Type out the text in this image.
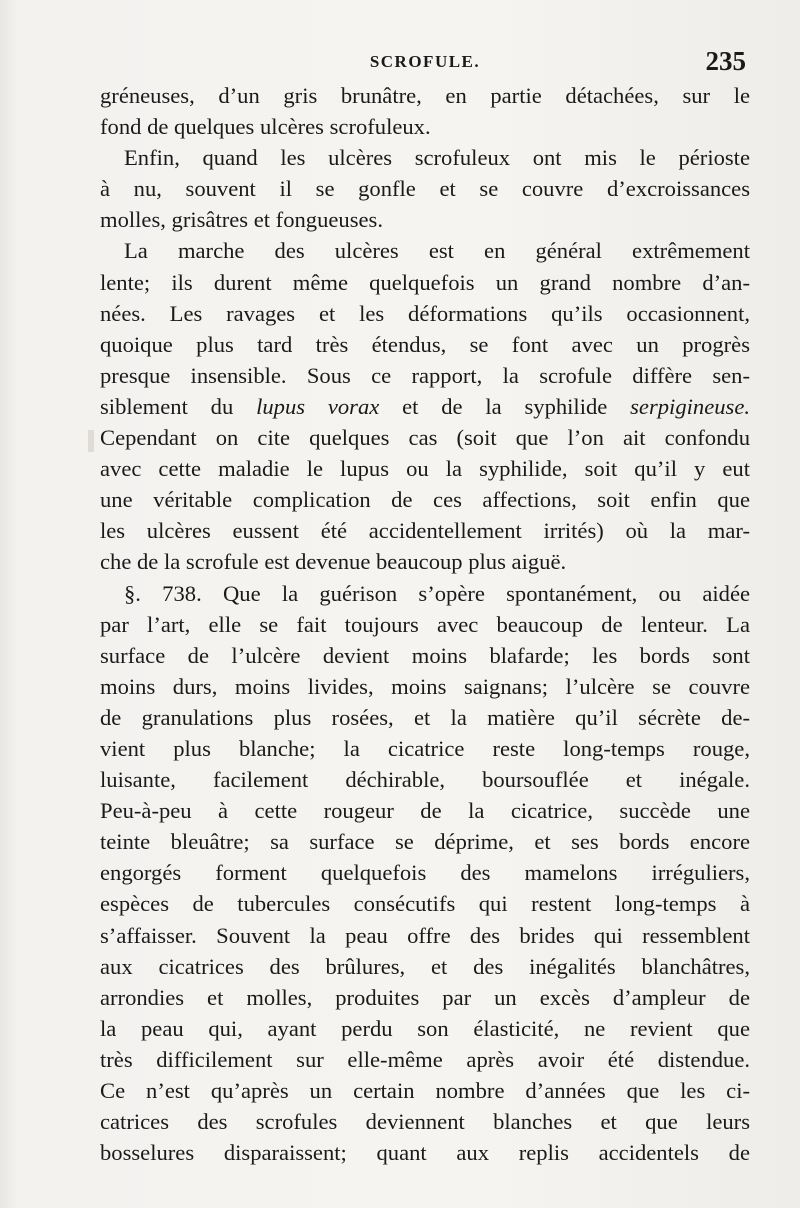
SCROFULE.	235
gréneuses, d’un gris brunâtre, en partie détachées, sur le
fond de quelques ulcères scrofuleux.
Enfin, quand les ulcères scrofuleux ont mis le périoste
à nu, souvent il se gonfle et se couvre d’excroissances
molles, grisâtres et fongueuses.
La marche des ulcères est en général extrêmement
lente; ils durent même quelquefois un grand nombre d’an-
nées. Les ravages et les déformations qu’ils occasionnent,
quoique plus tard très étendus, se font avec un progrès
presque insensible. Sous ce rapport, la scrofule diffère sen-
siblement du lupus vorax et de la syphilide serpigineuse.
Cependant on cite quelques cas (soit que l’on ait confondu
avec cette maladie le lupus ou la syphilide, soit qu’il y eut
une véritable complication de ces affections, soit enfin que
les ulcères eussent été accidentellement irrités) où la mar-
che de la scrofule est devenue beaucoup plus aiguë.
§. 738. Que la guérison s’opère spontanément, ou aidée
par l’art, elle se fait toujours avec beaucoup de lenteur. La
surface de l’ulcère devient moins blafarde; les bords sont
moins durs, moins livides, moins saignans; l’ulcère se couvre
de granulations plus rosées, et la matière qu’il sécrète de-
vient plus blanche; la cicatrice reste long-temps rouge,
luisante, facilement déchirable, boursouflée et inégale.
Peu-à-peu à cette rougeur de la cicatrice, succède une
teinte bleuâtre; sa surface se déprime, et ses bords encore
engorgés forment quelquefois des mamelons irréguliers,
espèces de tubercules consécutifs qui restent long-temps à
s’affaisser. Souvent la peau offre des brides qui ressemblent
aux cicatrices des brûlures, et des inégalités blanchâtres,
arrondies et molles, produites par un excès d’ampleur de
la peau qui, ayant perdu son élasticité, ne revient que
très difficilement sur elle-même après avoir été distendue.
Ce n’est qu’après un certain nombre d’années que les ci-
catrices des scrofules deviennent blanches et que leurs
bosselures disparaissent; quant aux replis accidentels de
